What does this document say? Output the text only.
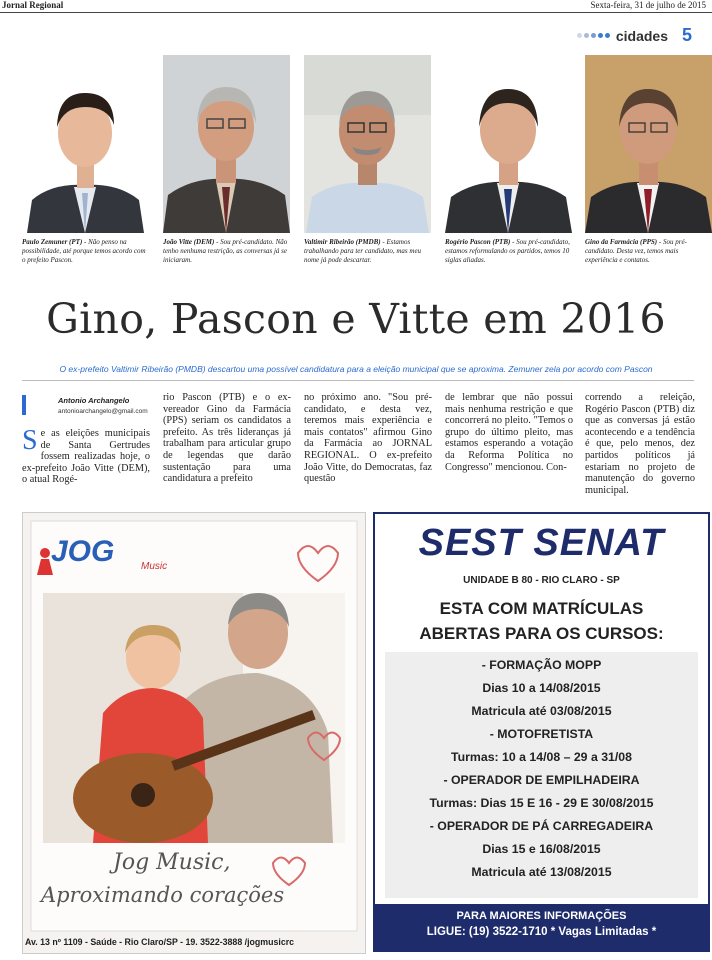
Jornal Regional	Sexta-feira, 31 de julho de 2015
cidades 5
Paulo Zemuner (PT) - Não penso na possibilidade, até porque temos acordo com o prefeito Pascon.
João Vitte (DEM) - Sou pré-candidato. Não tenho nenhuma restrição, as conversas já se iniciaram.
Valtimir Ribeirão (PMDB) - Estamos trabalhando para ter candidato, mas meu nome já pode descartar.
Rogério Pascon (PTB) - Sou pré-candidato, estamos reformulando os partidos, temos 10 siglas aliadas.
Gino da Farmácia (PPS) - Sou pré-candidato. Desta vez, temos mais experiência e contatos.
Gino, Pascon e Vitte em 2016
O ex-prefeito Valtimir Ribeirão (PMDB) descartou uma possível candidatura para a eleição municipal que se aproxima. Zemuner zela por acordo com Pascon
Antonio Archangelo
antonioarchangelo@gmail.com

Se as eleições municipais de Santa Gertrudes fossem realizadas hoje, o ex-prefeito João Vitte (DEM), o atual Rogé-

rio Pascon (PTB) e o ex-vereador Gino da Farmácia (PPS) seriam os candidatos a prefeito. As três lideranças já trabalham para articular grupo de legendas que darão sustentação para uma candidatura a prefeito

no próximo ano. "Sou pré-candidato, e desta vez, teremos mais experiência e mais contatos" afirmou Gino da Farmácia ao JORNAL REGIONAL. O ex-prefeito João Vitte, do Democratas, faz questão

de lembrar que não possui mais nenhuma restrição e que concorrerá no pleito. "Temos o grupo do último pleito, mas estamos esperando a votação da Reforma Política no Congresso" mencionou. Con-

correndo a releição, Rogério Pascon (PTB) diz que as conversas já estão acontecendo e a tendência é que, pelo menos, dez partidos políticos já estariam no projeto de manutenção do governo municipal.

JOG	Music
Jog Music,
Aproximando corações
Av. 13 nº 1109 - Saúde - Rio Claro/SP - 19. 3522-3888 /jogmusicrc
SEST SENAT
UNIDADE B 80 - RIO CLARO - SP
ESTA COM MATRÍCULAS
ABERTAS PARA OS CURSOS:
- FORMAÇÃO MOPP
Dias 10 a 14/08/2015
Matricula até 03/08/2015
- MOTOFRETISTA
Turmas: 10 a 14/08 – 29 a 31/08
- OPERADOR DE EMPILHADEIRA
Turmas: Dias 15 E 16 - 29 E 30/08/2015
- OPERADOR DE PÁ CARREGADEIRA
Dias 15 e 16/08/2015
Matricula até 13/08/2015
PARA MAIORES INFORMAÇÕES
LIGUE: (19) 3522-1710 * Vagas Limitadas *
